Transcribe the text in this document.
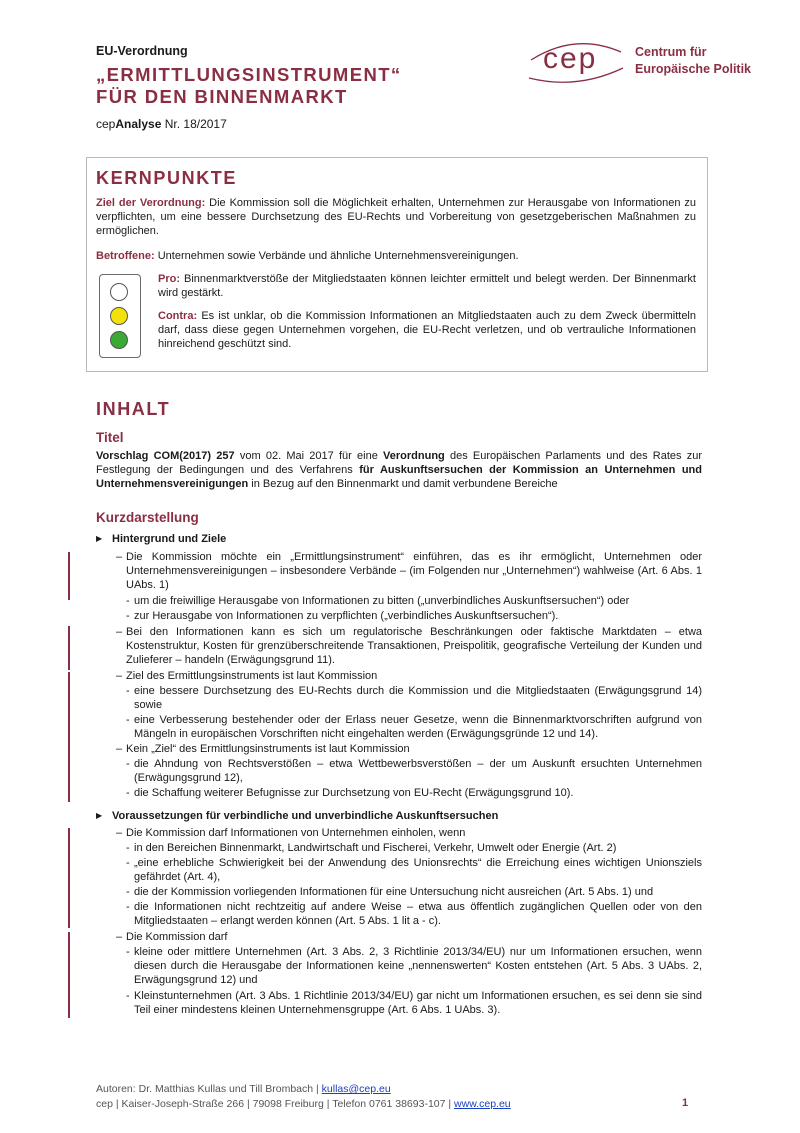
EU-Verordnung
„ERMITTLUNGSINSTRUMENT“
FÜR DEN BINNENMARKT
cepAnalyse Nr. 18/2017
cep	Centrum für
Europäische Politik
KERNPUNKTE

Ziel der Verordnung: Die Kommission soll die Möglichkeit erhalten, Unternehmen zur Herausgabe von Informationen zu verpflichten, um eine bessere Durchsetzung des EU-Rechts und Vorbereitung von gesetzgeberischen Maßnahmen zu ermöglichen.

Betroffene: Unternehmen sowie Verbände und ähnliche Unternehmensvereinigungen.

Pro: Binnenmarktverstöße der Mitgliedstaaten können leichter ermittelt und belegt werden. Der Binnenmarkt wird gestärkt.

Contra: Es ist unklar, ob die Kommission Informationen an Mitgliedstaaten auch zu dem Zweck übermitteln darf, dass diese gegen Unternehmen vorgehen, die EU-Recht verletzen, und ob vertrauliche Informationen hinreichend geschützt sind.

INHALT
Titel

Vorschlag COM(2017) 257 vom 02. Mai 2017 für eine Verordnung des Europäischen Parlaments und des Rates zur Festlegung der Bedingungen und des Verfahrens für Auskunftsersuchen der Kommission an Unternehmen und Unternehmensvereinigungen in Bezug auf den Binnenmarkt und damit verbundene Bereiche

Kurzdarstellung
▶ Hintergrund und Ziele
– Die Kommission möchte ein „Ermittlungsinstrument“ einführen, das es ihr ermöglicht, Unternehmen oder Unternehmensvereinigungen – insbesondere Verbände – (im Folgenden nur „Unternehmen“) wahlweise (Art. 6 Abs. 1 UAbs. 1)

- um die freiwillige Herausgabe von Informationen zu bitten („unverbindliches Auskunftsersuchen“) oder

- zur Herausgabe von Informationen zu verpflichten („verbindliches Auskunftsersuchen“).

– Bei den Informationen kann es sich um regulatorische Beschränkungen oder faktische Marktdaten – etwa Kostenstruktur, Kosten für grenzüberschreitende Transaktionen, Preispolitik, geografische Verteilung der Kunden und Zulieferer – handeln (Erwägungsgrund 11).

– Ziel des Ermittlungsinstruments ist laut Kommission

- eine bessere Durchsetzung des EU-Rechts durch die Kommission und die Mitgliedstaaten (Erwägungsgrund 14) sowie

- eine Verbesserung bestehender oder der Erlass neuer Gesetze, wenn die Binnenmarktvorschriften aufgrund von Mängeln in europäischen Vorschriften nicht eingehalten werden (Erwägungsgründe 12 und 14).

– Kein „Ziel“ des Ermittlungsinstruments ist laut Kommission

- die Ahndung von Rechtsverstößen – etwa Wettbewerbsverstößen – der um Auskunft ersuchten Unternehmen (Erwägungsgrund 12),

- die Schaffung weiterer Befugnisse zur Durchsetzung von EU-Recht (Erwägungsgrund 10).

▶ Voraussetzungen für verbindliche und unverbindliche Auskunftsersuchen
– Die Kommission darf Informationen von Unternehmen einholen, wenn

- in den Bereichen Binnenmarkt, Landwirtschaft und Fischerei, Verkehr, Umwelt oder Energie (Art. 2)

- „eine erhebliche Schwierigkeit bei der Anwendung des Unionsrechts“ die Erreichung eines wichtigen Unionsziels gefährdet (Art. 4),

- die der Kommission vorliegenden Informationen für eine Untersuchung nicht ausreichen (Art. 5 Abs. 1) und

- die Informationen nicht rechtzeitig auf andere Weise – etwa aus öffentlich zugänglichen Quellen oder von den Mitgliedstaaten – erlangt werden können (Art. 5 Abs. 1 lit a - c).

– Die Kommission darf

- kleine oder mittlere Unternehmen (Art. 3 Abs. 2, 3 Richtlinie 2013/34/EU) nur um Informationen ersuchen, wenn diesen durch die Herausgabe der Informationen keine „nennenswerten“ Kosten entstehen (Art. 5 Abs. 3 UAbs. 2, Erwägungsgrund 12) und

- Kleinstunternehmen (Art. 3 Abs. 1 Richtlinie 2013/34/EU) gar nicht um Informationen ersuchen, es sei denn sie sind Teil einer mindestens kleinen Unternehmensgruppe (Art. 6 Abs. 1 UAbs. 3).

Autoren: Dr. Matthias Kullas und Till Brombach | kullas@cep.eu
cep | Kaiser-Joseph-Straße 266 | 79098 Freiburg | Telefon 0761 38693-107 | www.cep.eu	1
